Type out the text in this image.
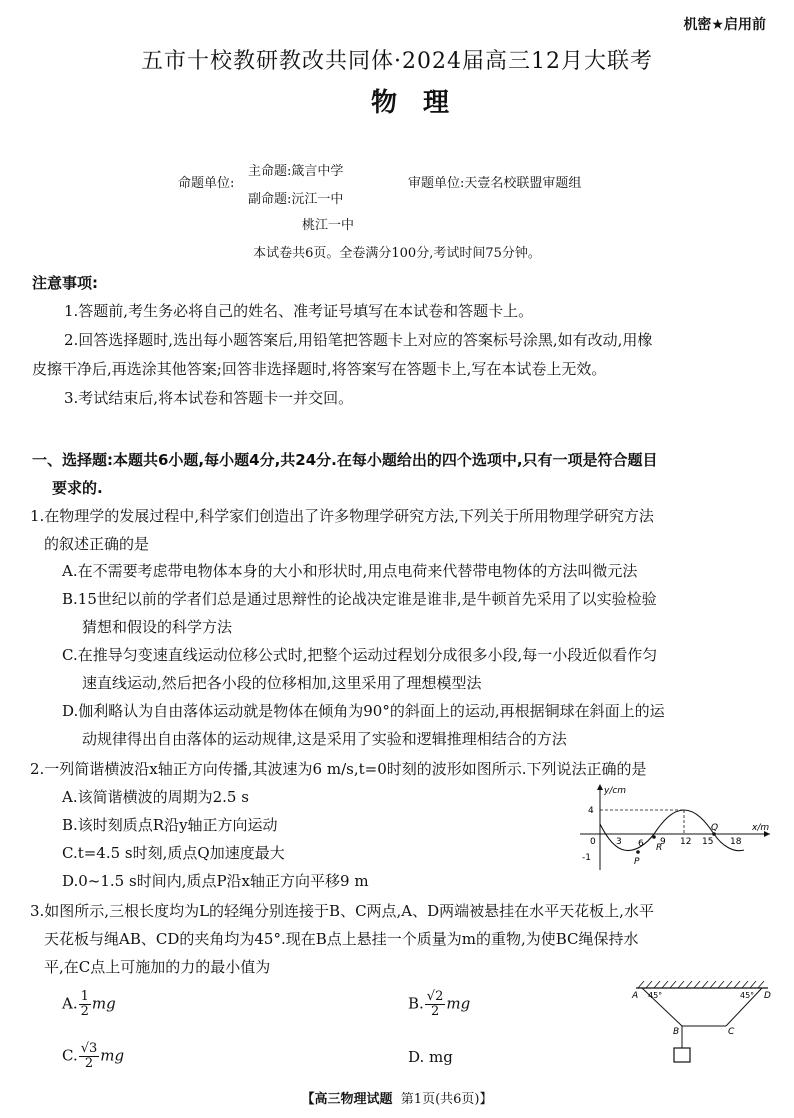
机密★启用前
五市十校教研教改共同体·2024届高三12月大联考
物理
命题单位:
主命题:箴言中学
副命题:沅江一中
桃江一中
审题单位:天壹名校联盟审题组
本试卷共6页。全卷满分100分,考试时间75分钟。
注意事项:
1.答题前,考生务必将自己的姓名、准考证号填写在本试卷和答题卡上。
2.回答选择题时,选出每小题答案后,用铅笔把答题卡上对应的答案标号涂黑,如有改动,用橡
皮擦干净后,再选涂其他答案;回答非选择题时,将答案写在答题卡上,写在本试卷上无效。
3.考试结束后,将本试卷和答题卡一并交回。
一、选择题:本题共6小题,每小题4分,共24分.在每小题给出的四个选项中,只有一项是符合题目
要求的.
1.在物理学的发展过程中,科学家们创造出了许多物理学研究方法,下列关于所用物理学研究方法
的叙述正确的是
A.在不需要考虑带电物体本身的大小和形状时,用点电荷来代替带电物体的方法叫微元法
B.15世纪以前的学者们总是通过思辩性的论战决定谁是谁非,是牛顿首先采用了以实验检验
猜想和假设的科学方法
C.在推导匀变速直线运动位移公式时,把整个运动过程划分成很多小段,每一小段近似看作匀
速直线运动,然后把各小段的位移相加,这里采用了理想模型法
D.伽利略认为自由落体运动就是物体在倾角为90°的斜面上的运动,再根据铜球在斜面上的运
动规律得出自由落体的运动规律,这是采用了实验和逻辑推理相结合的方法
2.一列简谐横波沿x轴正方向传播,其波速为6 m/s,t=0时刻的波形如图所示.下列说法正确的是
A.该简谐横波的周期为2.5 s
B.该时刻质点R沿y轴正方向运动
C.t=4.5 s时刻,质点Q加速度最大
D.0~1.5 s时间内,质点P沿x轴正方向平移9 m
y/cm
x/m
4
-1
0 3 6 9 12 15 18
P
R
Q
3.如图所示,三根长度均为L的轻绳分别连接于B、C两点,A、D两端被悬挂在水平天花板上,水平
天花板与绳AB、CD的夹角均为45°.现在B点上悬挂一个质量为m的重物,为使BC绳保持水
平,在C点上可施加的力的最小值为
A. $\frac{1}{2}$ mg	B. $\frac{√2}{2}$ mg
C. $\frac{√3}{2}$ mg	D. mg
A	D
B	C
45°	45°
【高三物理试题 第1页(共6页)】
